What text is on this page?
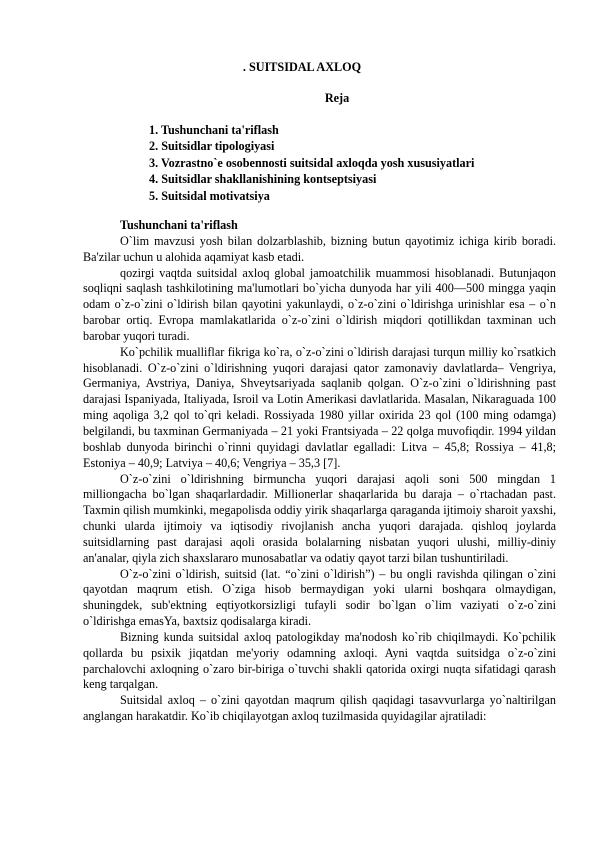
. SUITSIDAL AXLOQ
Reja
1. Tushunchani ta'riflash
2. Suitsidlar tipologiyasi
3. Vozrastno`e osobennosti suitsidal axloqda yosh xususiyatlari
4. Suitsidlar shakllanishining kontseptsiyasi
5. Suitsidal motivatsiya

Tushunchani ta'riflash

O`lim mavzusi yosh bilan dolzarblashib, bizning butun qayotimiz ichiga kirib boradi. Ba'zilar uchun u alohida aqamiyat kasb etadi.

qozirgi vaqtda suitsidal axloq global jamoatchilik muammosi hisoblanadi. Butunjaqon soqliqni saqlash tashkilotining ma'lumotlari bo`yicha dunyoda har yili 400—500 mingga yaqin odam o`z-o`zini o`ldirish bilan qayotini yakunlaydi, o`z-o`zini o`ldirishga urinishlar esa – o`n barobar ortiq. Evropa mamlakatlarida o`z-o`zini o`ldirish miqdori qotillikdan taxminan uch barobar yuqori turadi.

Ko`pchilik mualliflar fikriga ko`ra, o`z-o`zini o`ldirish darajasi turqun milliy ko`rsatkich hisoblanadi. O`z-o`zini o`ldirishning yuqori darajasi qator zamonaviy davlatlarda– Vengriya, Germaniya, Avstriya, Daniya, Shveytsariyada saqlanib qolgan. O`z-o`zini o`ldirishning past darajasi Ispaniyada, Italiyada, Isroil va Lotin Amerikasi davlatlarida. Masalan, Nikaraguada 100 ming aqoliga 3,2 qol to`qri keladi. Rossiyada 1980 yillar oxirida 23 qol (100 ming odamga) belgilandi, bu taxminan Germaniyada – 21 yoki Frantsiyada – 22 qolga muvofiqdir. 1994 yildan boshlab dunyoda birinchi o`rinni quyidagi davlatlar egalladi: Litva – 45,8; Rossiya – 41,8; Estoniya – 40,9; Latviya – 40,6; Vengriya – 35,3 [7].

O`z-o`zini o`ldirishning birmuncha yuqori darajasi aqoli soni 500 mingdan 1 milliongacha bo`lgan shaqarlardadir. Millionerlar shaqarlarida bu daraja – o`rtachadan past. Taxmin qilish mumkinki, megapolisda oddiy yirik shaqarlarga qaraganda ijtimoiy sharoit yaxshi, chunki ularda ijtimoiy va iqtisodiy rivojlanish ancha yuqori darajada. qishloq joylarda suitsidlarning past darajasi aqoli orasida bolalarning nisbatan yuqori ulushi, milliy-diniy an'analar, qiyla zich shaxslararo munosabatlar va odatiy qayot tarzi bilan tushuntiriladi.

O`z-o`zini o`ldirish, suitsid (lat. “o`zini o`ldirish”) – bu ongli ravishda qilingan o`zini qayotdan maqrum etish. O`ziga hisob bermaydigan yoki ularni boshqara olmaydigan, shuningdek, sub'ektning eqtiyotkorsizligi tufayli sodir bo`lgan o`lim vaziyati o`z-o`zini o`ldirishga emasYa, baxtsiz qodisalarga kiradi.

Bizning kunda suitsidal axloq patologikday ma'nodosh ko`rib chiqilmaydi. Ko`pchilik qollarda bu psixik jiqatdan me'yoriy odamning axloqi. Ayni vaqtda suitsidga o`z-o`zini parchalovchi axloqning o`zaro bir-biriga o`tuvchi shakli qatorida oxirgi nuqta sifatidagi qarash keng tarqalgan.

Suitsidal axloq – o`zini qayotdan maqrum qilish qaqidagi tasavvurlarga yo`naltirilgan anglangan harakatdir. Ko`ib chiqilayotgan axloq tuzilmasida quyidagilar ajratiladi:
